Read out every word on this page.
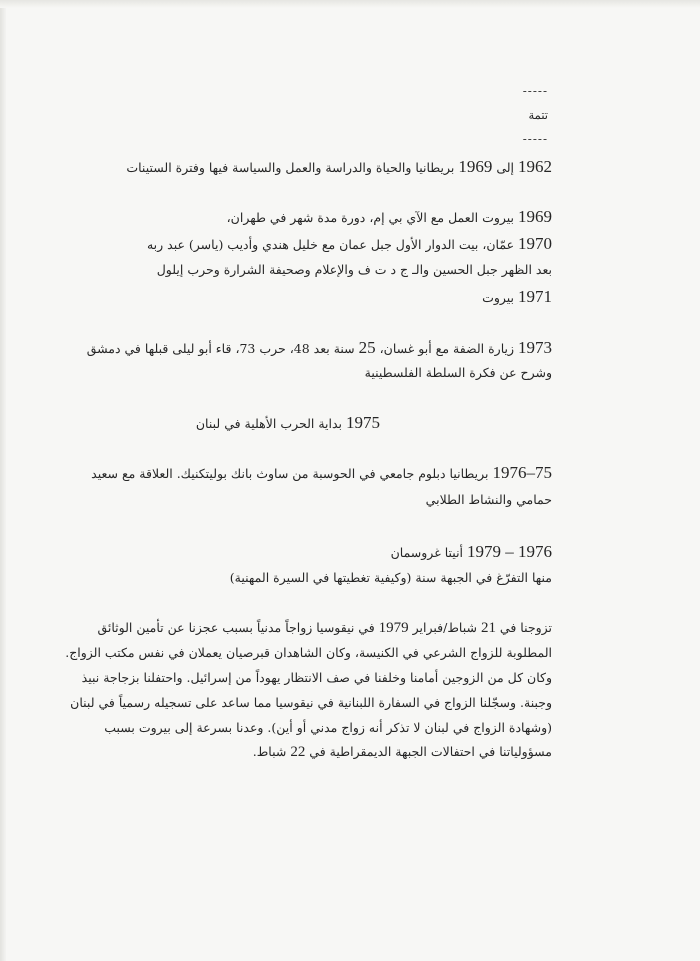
-----
تتمة
-----
1962 إلى 1969 بريطانيا والحياة والدراسة والعمل والسياسة فيها وفترة الستينات
1969 بيروت العمل مع الآي بي إم، دورة مدة شهر في طهران،
1970 عمّان، بيت الدوار الأول جبل عمان مع خليل هندي وأديب (ياسر) عبد ربه
بعد الظهر جبل الحسين والـ ج د ت ف والإعلام وصحيفة الشرارة وحرب إيلول
1971 بيروت
1973 زيارة الضفة مع أبو غسان، 25 سنة بعد 48، حرب 73، قاء أبو ليلى قبلها في دمشق
وشرح عن فكرة السلطة الفلسطينية
1975 بداية الحرب الأهلية في لبنان
75–1976 بريطانيا دبلوم جامعي في الحوسبة من ساوث بانك بوليتكنيك. العلاقة مع سعيد
حمامي والنشاط الطلابي
1976 – 1979 أنيتا غروسمان
منها التفرّغ في الجبهة سنة (وكيفية تغطيتها في السيرة المهنية)
تزوجنا في 21 شباط/فبراير 1979 في نيقوسيا زواجاً مدنياً بسبب عجزنا عن تأمين الوثائق
المطلوبة للزواج الشرعي في الكنيسة، وكان الشاهدان قبرصيان يعملان في نفس مكتب الزواج.
وكان كل من الزوجين أمامنا وخلفنا في صف الانتظار يهوداً من إسرائيل. واحتفلنا بزجاجة نبيذ
وجبنة. وسجّلنا الزواج في السفارة اللبنانية في نيقوسيا مما ساعد على تسجيله رسمياً في لبنان
(وشهادة الزواج في لبنان لا تذكر أنه زواج مدني أو أين). وعدنا بسرعة إلى بيروت بسبب
مسؤولياتنا في احتفالات الجبهة الديمقراطية في 22 شباط.
